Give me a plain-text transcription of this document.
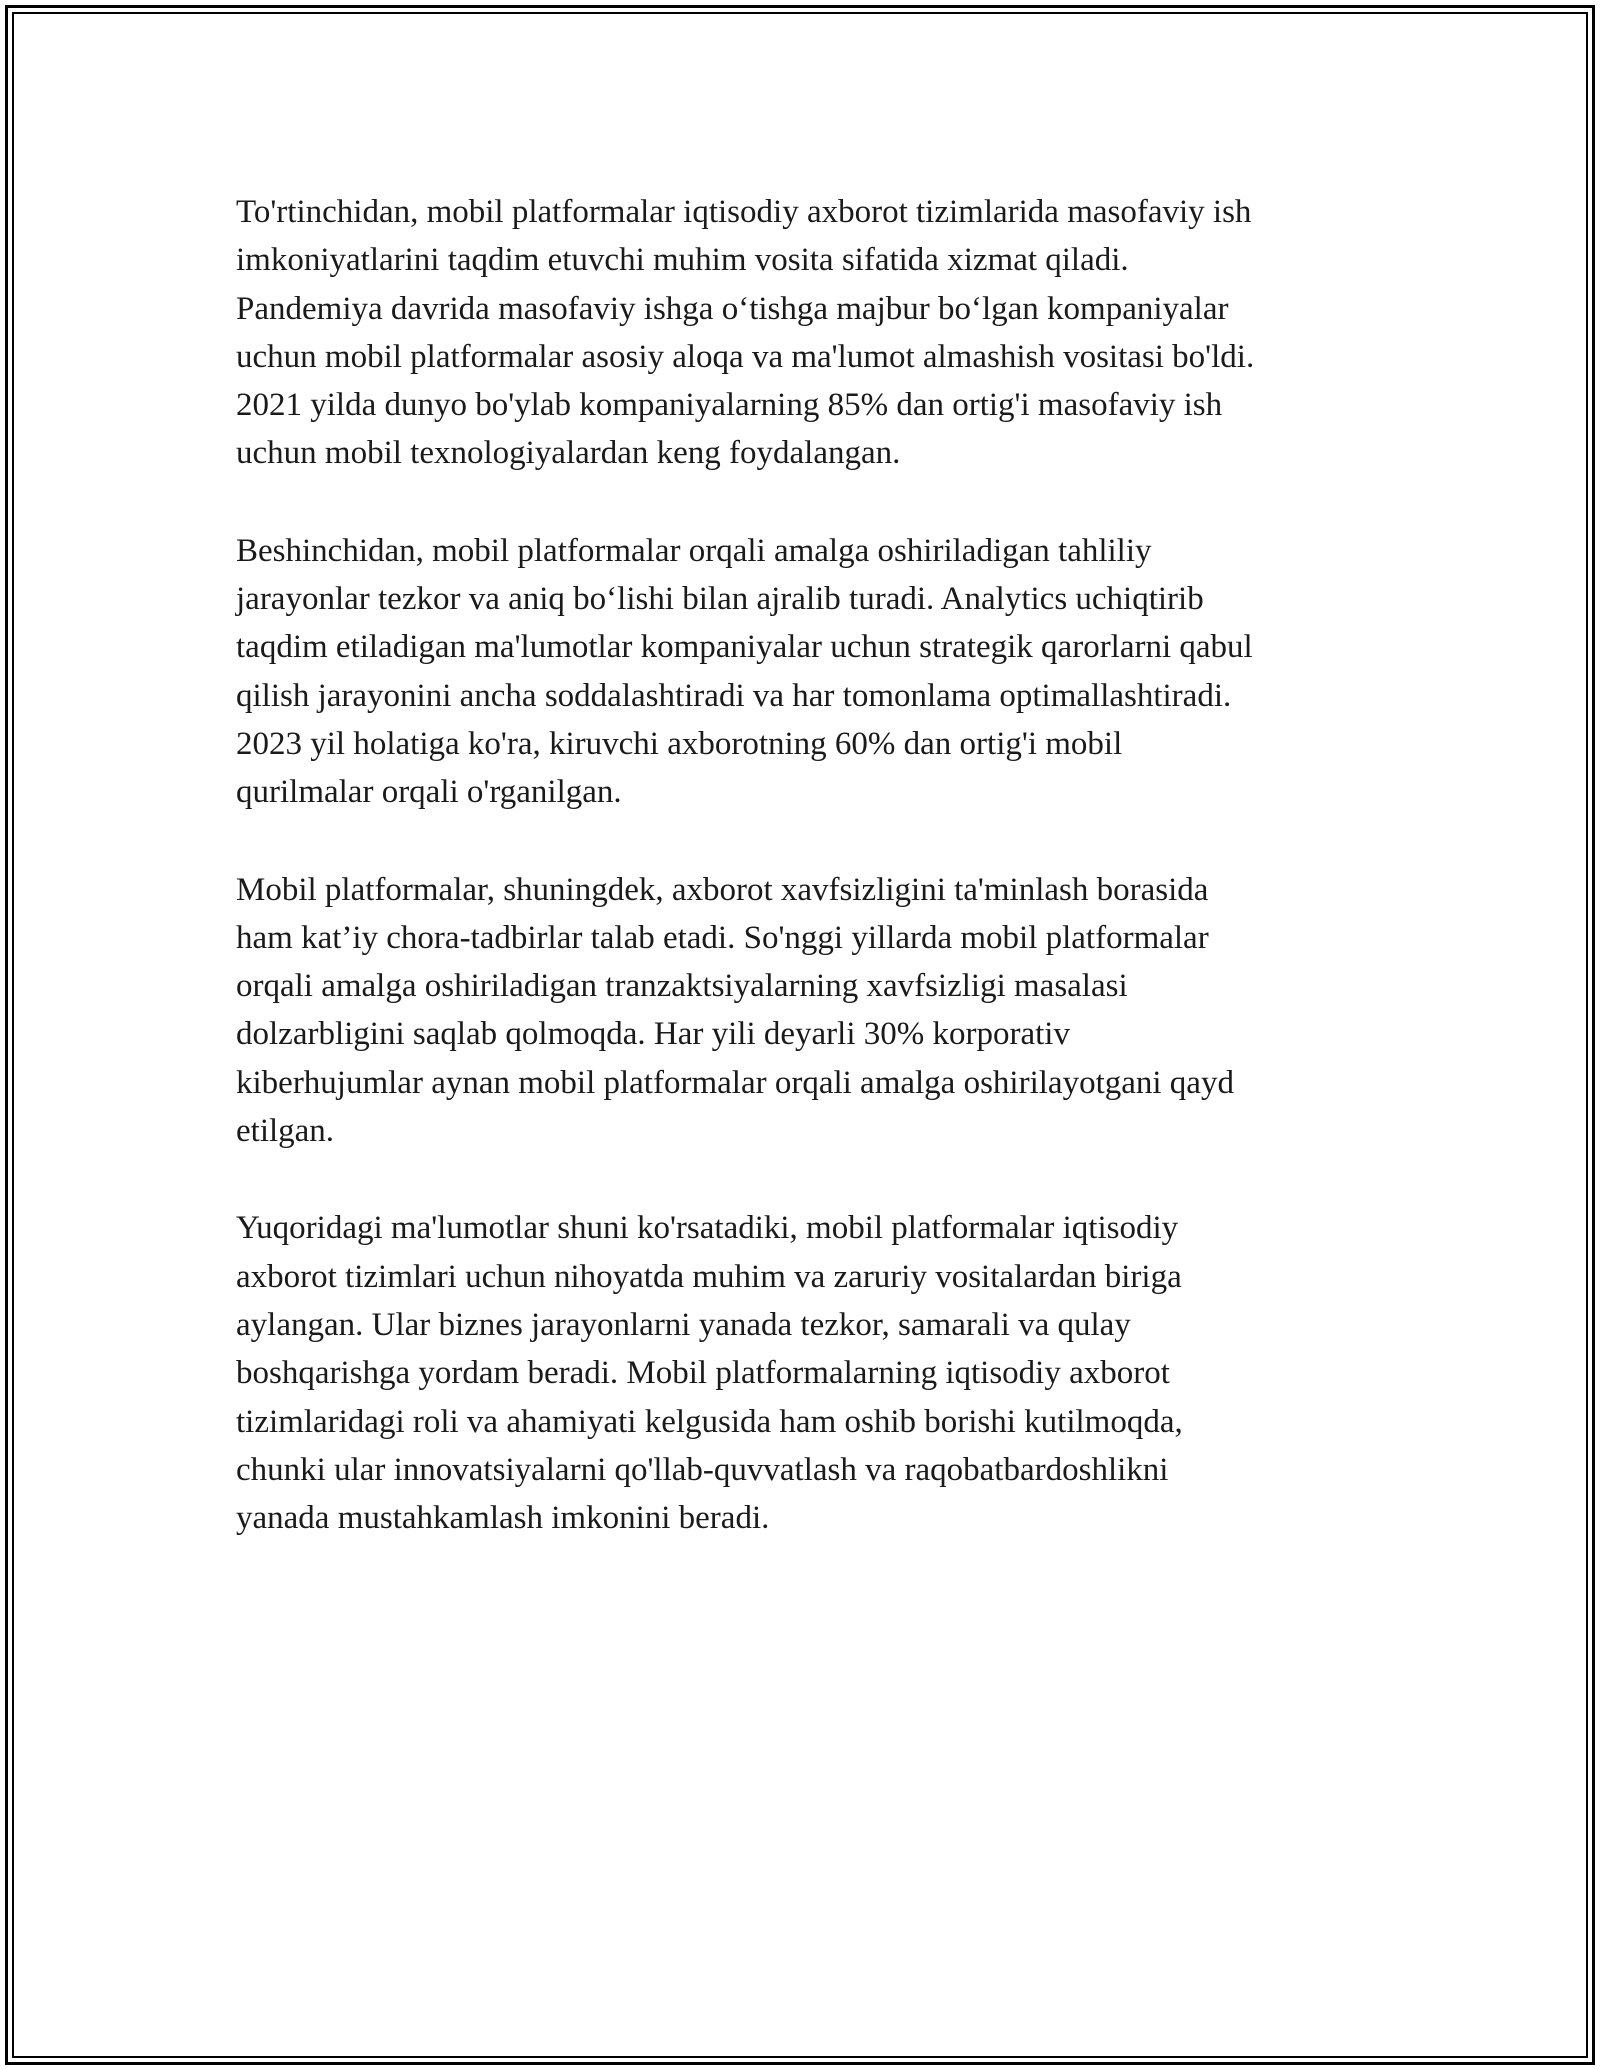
To'rtinchidan, mobil platformalar iqtisodiy axborot tizimlarida masofaviy ish
imkoniyatlarini taqdim etuvchi muhim vosita sifatida xizmat qiladi.
Pandemiya davrida masofaviy ishga o‘tishga majbur bo‘lgan kompaniyalar
uchun mobil platformalar asosiy aloqa va ma'lumot almashish vositasi bo'ldi.
2021 yilda dunyo bo'ylab kompaniyalarning 85% dan ortig'i masofaviy ish
uchun mobil texnologiyalardan keng foydalangan.

Beshinchidan, mobil platformalar orqali amalga oshiriladigan tahliliy
jarayonlar tezkor va aniq bo‘lishi bilan ajralib turadi. Analytics uchiqtirib
taqdim etiladigan ma'lumotlar kompaniyalar uchun strategik qarorlarni qabul
qilish jarayonini ancha soddalashtiradi va har tomonlama optimallashtiradi.
2023 yil holatiga ko'ra, kiruvchi axborotning 60% dan ortig'i mobil
qurilmalar orqali o'rganilgan.

Mobil platformalar, shuningdek, axborot xavfsizligini ta'minlash borasida
ham kat’iy chora-tadbirlar talab etadi. So'nggi yillarda mobil platformalar
orqali amalga oshiriladigan tranzaktsiyalarning xavfsizligi masalasi
dolzarbligini saqlab qolmoqda. Har yili deyarli 30% korporativ
kiberhujumlar aynan mobil platformalar orqali amalga oshirilayotgani qayd
etilgan.

Yuqoridagi ma'lumotlar shuni ko'rsatadiki, mobil platformalar iqtisodiy
axborot tizimlari uchun nihoyatda muhim va zaruriy vositalardan biriga
aylangan. Ular biznes jarayonlarni yanada tezkor, samarali va qulay
boshqarishga yordam beradi. Mobil platformalarning iqtisodiy axborot
tizimlaridagi roli va ahamiyati kelgusida ham oshib borishi kutilmoqda,
chunki ular innovatsiyalarni qo'llab-quvvatlash va raqobatbardoshlikni
yanada mustahkamlash imkonini beradi.
